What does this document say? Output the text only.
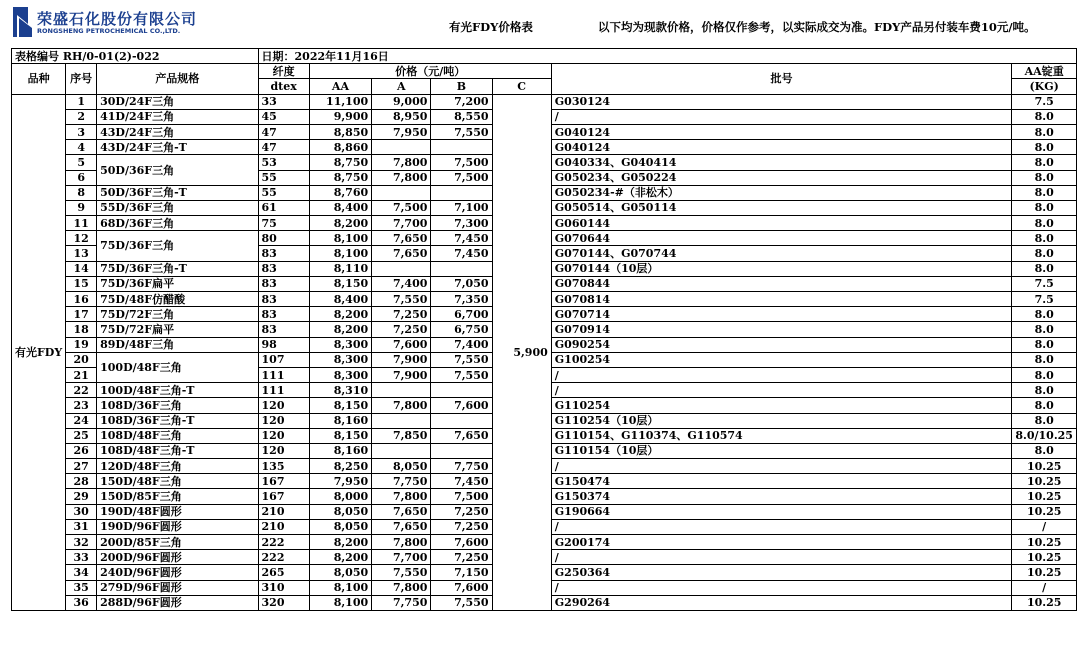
荣盛石化股份有限公司
RONGSHENG PETROCHEMICAL CO.,LTD.	有光FDY价格表	以下均为现款价格，价格仅作参考，以实际成交为准。FDY产品另付装车费10元/吨。
表格编号 RH/0-01(2)-022			日期：2022年11月16日						
品种	序号	产品规格	纤度	价格（元/吨）				批号	AA锭重
			dtex	AA	A	B	C		(KG)
有光FDY	1	30D/24F三角	33	11,100	9,000	7,200	5,900	G030124	7.5
	2	41D/24F三角	45	9,900	8,950	8,550		/	8.0
	3	43D/24F三角	47	8,850	7,950	7,550		G040124	8.0
	4	43D/24F三角-T	47	8,860				G040124	8.0
	5	50D/36F三角	53	8,750	7,800	7,500		G040334、G040414	8.0
	6		55	8,750	7,800	7,500		G050234、G050224	8.0
	8	50D/36F三角-T	55	8,760				G050234-#（非松木）	8.0
	9	55D/36F三角	61	8,400	7,500	7,100		G050514、G050114	8.0
	11	68D/36F三角	75	8,200	7,700	7,300		G060144	8.0
	12	75D/36F三角	80	8,100	7,650	7,450		G070644	8.0
	13		83	8,100	7,650	7,450		G070144、G070744	8.0
	14	75D/36F三角-T	83	8,110				G070144（10层）	8.0
	15	75D/36F扁平	83	8,150	7,400	7,050		G070844	7.5
	16	75D/48F仿醋酸	83	8,400	7,550	7,350		G070814	7.5
	17	75D/72F三角	83	8,200	7,250	6,700		G070714	8.0
	18	75D/72F扁平	83	8,200	7,250	6,750		G070914	8.0
	19	89D/48F三角	98	8,300	7,600	7,400		G090254	8.0
	20	100D/48F三角	107	8,300	7,900	7,550		G100254	8.0
	21		111	8,300	7,900	7,550		/	8.0
	22	100D/48F三角-T	111	8,310				/	8.0
	23	108D/36F三角	120	8,150	7,800	7,600		G110254	8.0
	24	108D/36F三角-T	120	8,160				G110254（10层）	8.0
	25	108D/48F三角	120	8,150	7,850	7,650		G110154、G110374、G110574	8.0/10.25
	26	108D/48F三角-T	120	8,160				G110154（10层）	8.0
	27	120D/48F三角	135	8,250	8,050	7,750		/	10.25
	28	150D/48F三角	167	7,950	7,750	7,450		G150474	10.25
	29	150D/85F三角	167	8,000	7,800	7,500		G150374	10.25
	30	190D/48F圆形	210	8,050	7,650	7,250		G190664	10.25
	31	190D/96F圆形	210	8,050	7,650	7,250		/	/
	32	200D/85F三角	222	8,200	7,800	7,600		G200174	10.25
	33	200D/96F圆形	222	8,200	7,700	7,250		/	10.25
	34	240D/96F圆形	265	8,050	7,550	7,150		G250364	10.25
	35	279D/96F圆形	310	8,100	7,800	7,600		/	/
	36	288D/96F圆形	320	8,100	7,750	7,550		G290264	10.25
